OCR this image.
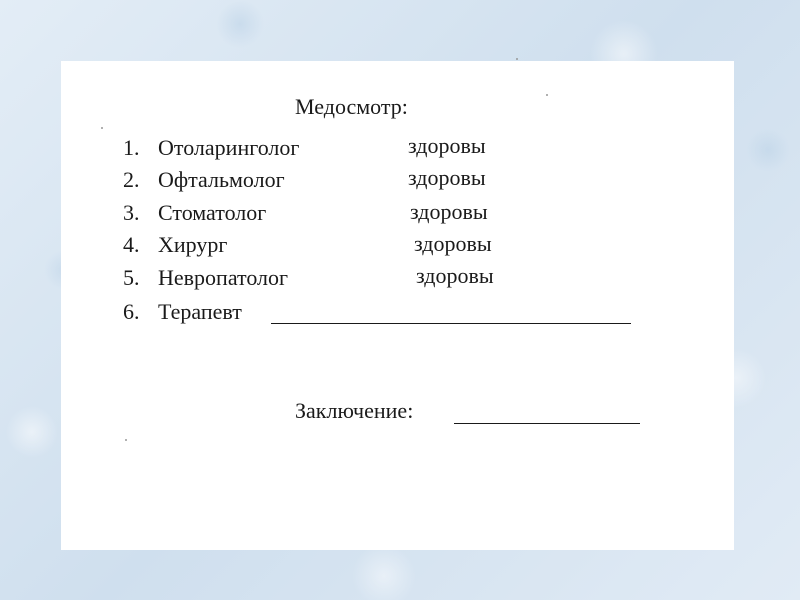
Медосмотр:
1. Отоларинголог	здоровы
2. Офтальмолог	здоровы
3. Стоматолог	здоровы
4. Хирург	здоровы
5. Невропатолог	здоровы
6. Терапевт
Заключение:
